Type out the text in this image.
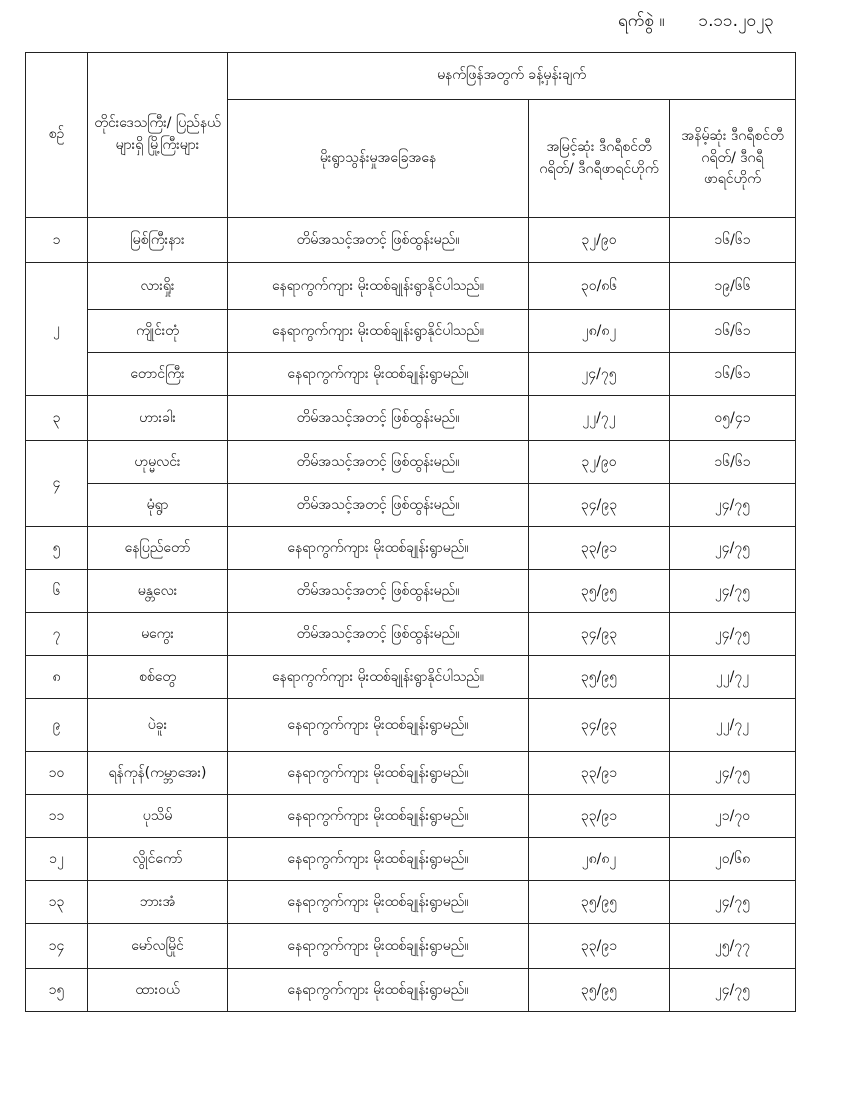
ရက်စွဲ ။ ၁.၁၁.၂၀၂၃
စဉ်	တိုင်းဒေသကြီး/ ပြည်နယ်များရှိ မြို့ကြီးများ	မနက်ဖြန်အတွက် ခန့်မှန်းချက်		
		မိုးရွာသွန်းမှုအခြေအနေ	အမြင့်ဆုံး ဒီဂရီစင်တီဂရိတ်/ ဒီဂရီဖာရင်ဟိုက်	အနိမ့်ဆုံး ဒီဂရီစင်တီဂရိတ်/ ဒီဂရီဖာရင်ဟိုက်
၁	မြစ်ကြီးနား	တိမ်အသင့်အတင့် ဖြစ်ထွန်းမည်။	၃၂/၉၀	၁၆/၆၁
၂	လားရှိုး	နေရာကွက်ကျား မိုးထစ်ချုန်းရွာနိုင်ပါသည်။	၃၀/၈၆	၁၉/၆၆
	ကျိုင်းတုံ	နေရာကွက်ကျား မိုးထစ်ချုန်းရွာနိုင်ပါသည်။	၂၈/၈၂	၁၆/၆၁
	တောင်ကြီး	နေရာကွက်ကျား မိုးထစ်ချုန်းရွာမည်။	၂၄/၇၅	၁၆/၆၁
၃	ဟားခါး	တိမ်အသင့်အတင့် ဖြစ်ထွန်းမည်။	၂၂/၇၂	၀၅/၄၁
၄	ဟုမ္မလင်း	တိမ်အသင့်အတင့် ဖြစ်ထွန်းမည်။	၃၂/၉၀	၁၆/၆၁
	မုံရွာ	တိမ်အသင့်အတင့် ဖြစ်ထွန်းမည်။	၃၄/၉၃	၂၄/၇၅
၅	နေပြည်တော်	နေရာကွက်ကျား မိုးထစ်ချုန်းရွာမည်။	၃၃/၉၁	၂၄/၇၅
၆	မန္တလေး	တိမ်အသင့်အတင့် ဖြစ်ထွန်းမည်။	၃၅/၉၅	၂၄/၇၅
၇	မကွေး	တိမ်အသင့်အတင့် ဖြစ်ထွန်းမည်။	၃၄/၉၃	၂၄/၇၅
၈	စစ်တွေ	နေရာကွက်ကျား မိုးထစ်ချုန်းရွာနိုင်ပါသည်။	၃၅/၉၅	၂၂/၇၂
၉	ပဲခူး	နေရာကွက်ကျား မိုးထစ်ချုန်းရွာမည်။	၃၄/၉၃	၂၂/၇၂
၁၀	ရန်ကုန်(ကမ္ဘာအေး)	နေရာကွက်ကျား မိုးထစ်ချုန်းရွာမည်။	၃၃/၉၁	၂၄/၇၅
၁၁	ပုသိမ်	နေရာကွက်ကျား မိုးထစ်ချုန်းရွာမည်။	၃၃/၉၁	၂၁/၇၀
၁၂	လွိုင်ကော်	နေရာကွက်ကျား မိုးထစ်ချုန်းရွာမည်။	၂၈/၈၂	၂၀/၆၈
၁၃	ဘားအံ	နေရာကွက်ကျား မိုးထစ်ချုန်းရွာမည်။	၃၅/၉၅	၂၄/၇၅
၁၄	မော်လမြိုင်	နေရာကွက်ကျား မိုးထစ်ချုန်းရွာမည်။	၃၃/၉၁	၂၅/၇၇
၁၅	ထားဝယ်	နေရာကွက်ကျား မိုးထစ်ချုန်းရွာမည်။	၃၅/၉၅	၂၄/၇၅
